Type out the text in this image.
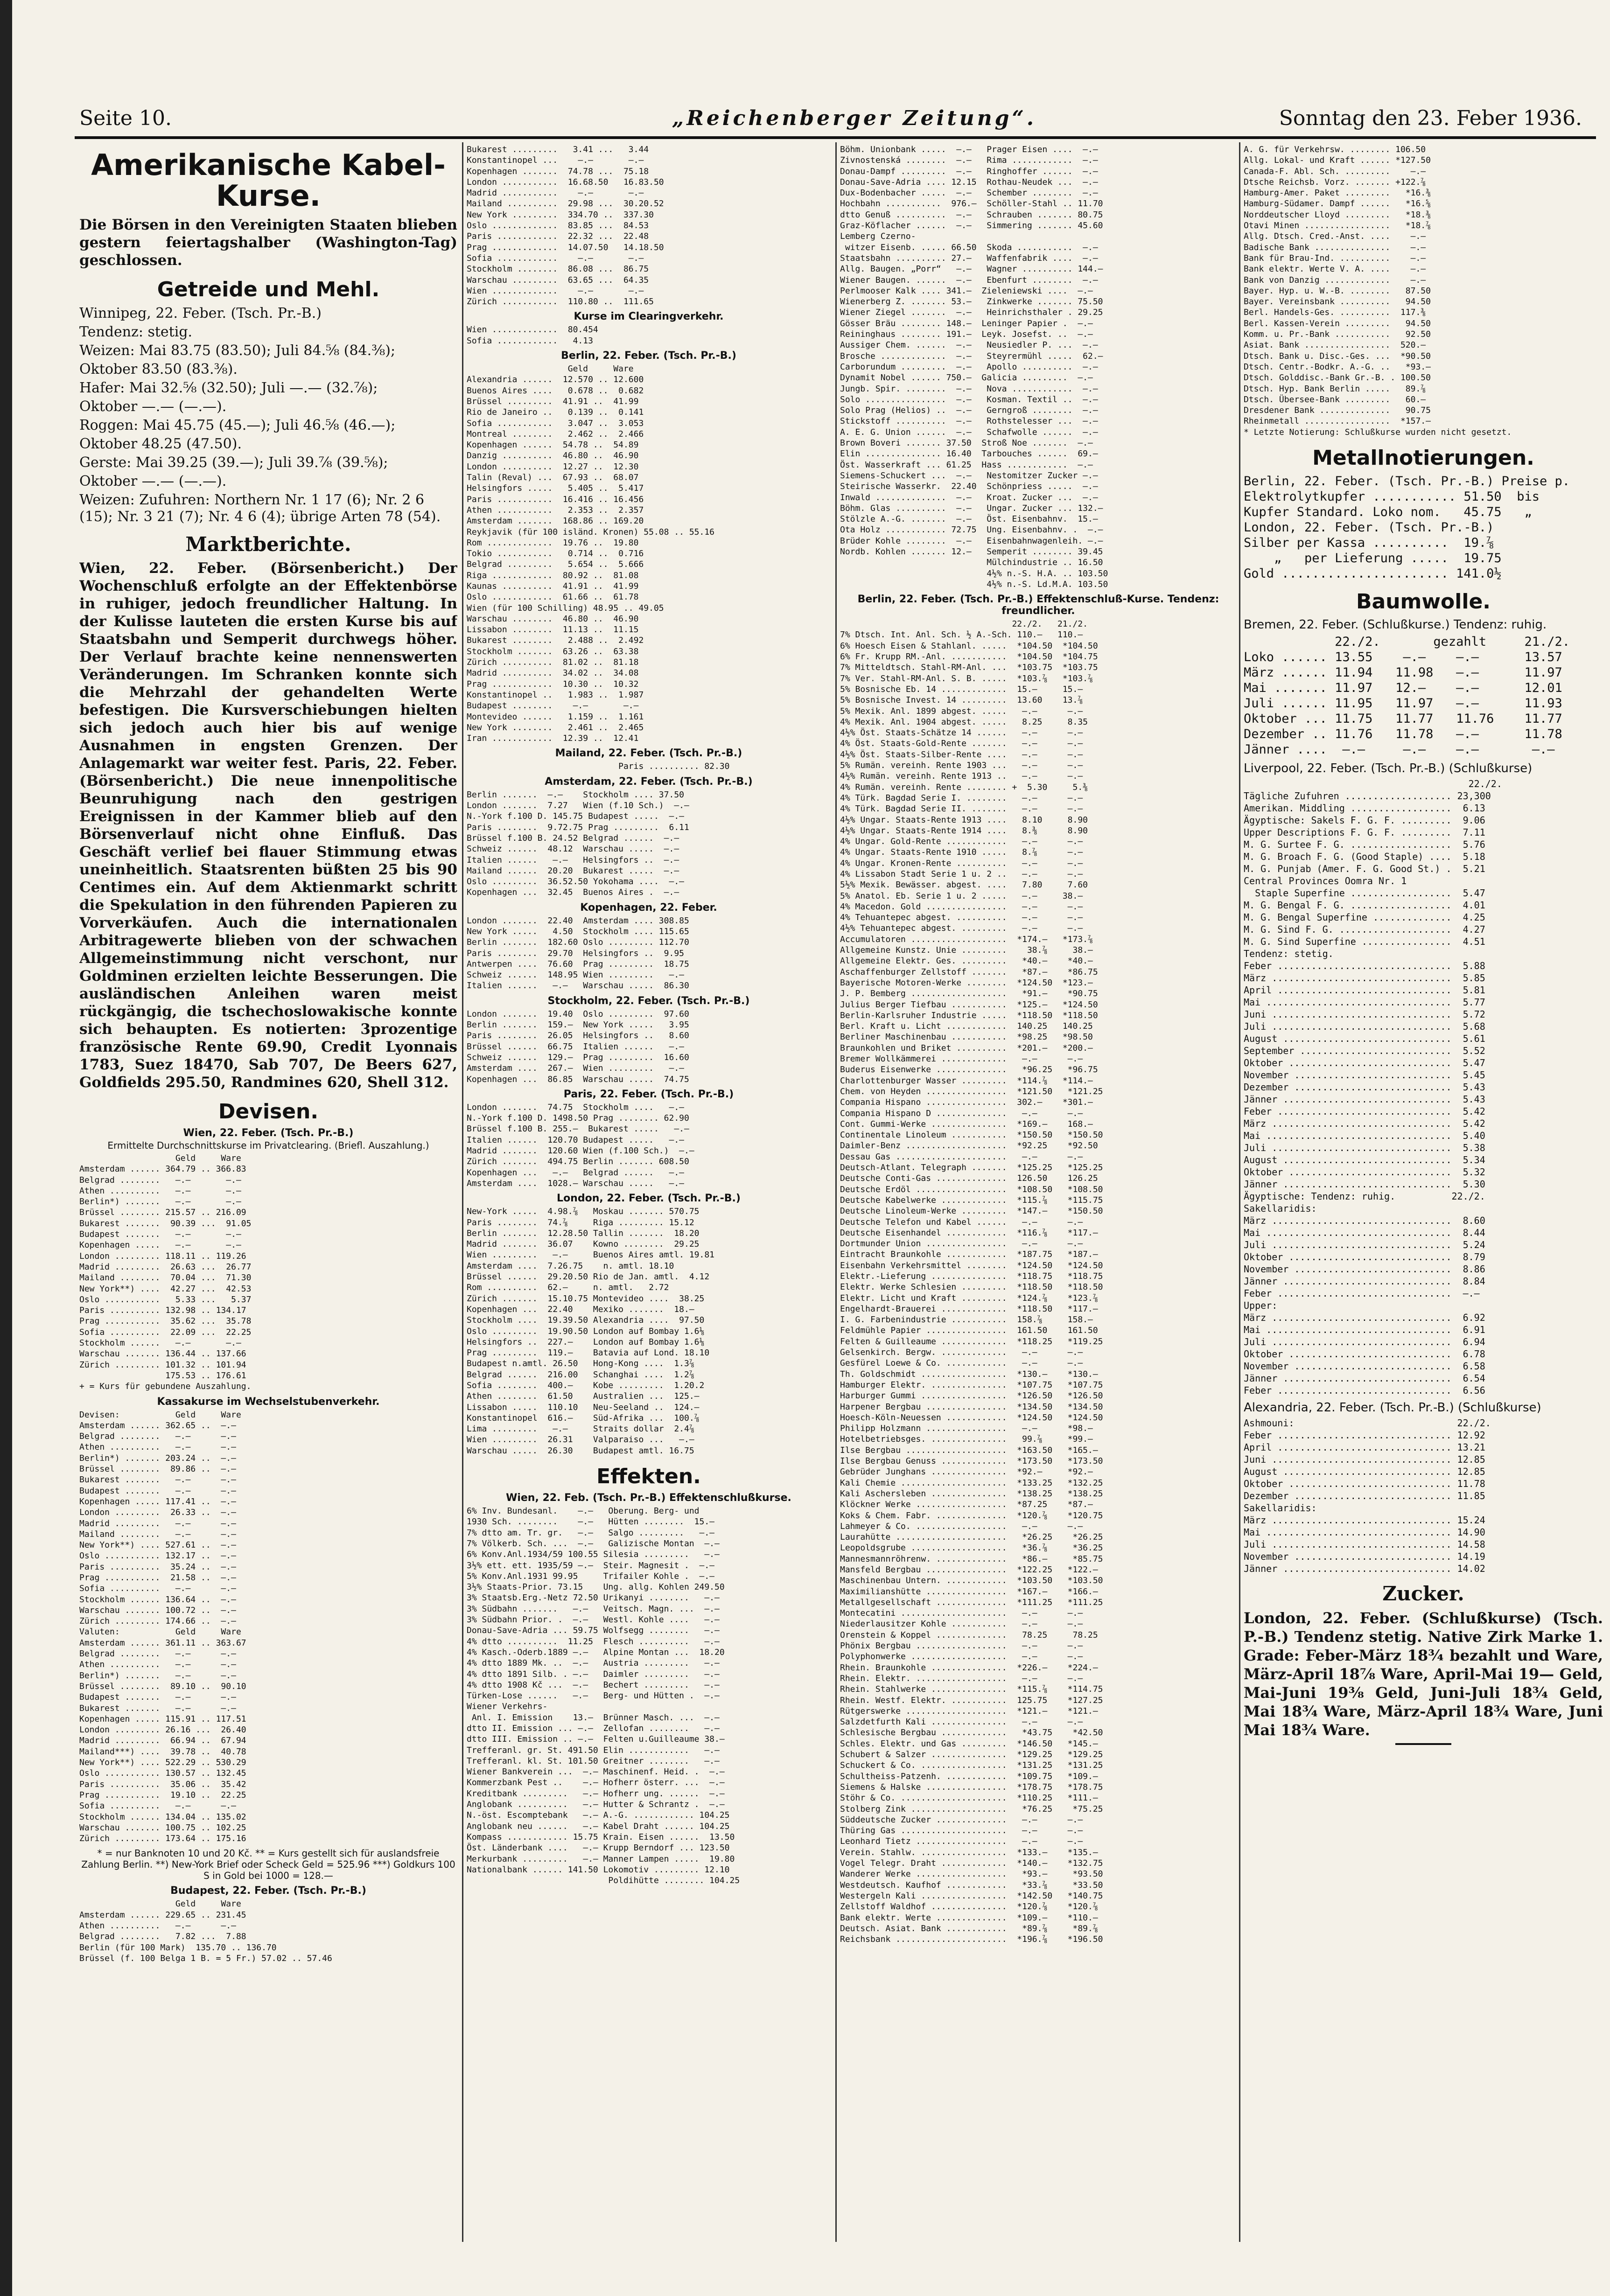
Seite 10.	„Reichenberger Zeitung“.	Sonntag den 23. Feber 1936.
Amerikanische Kabel-Kurse.
Die Börsen in den Vereinigten Staaten blieben gestern feiertagshalber (Washington-Tag) geschlossen.
Getreide und Mehl.
Winnipeg, 22. Feber. (Tsch. Pr.-B.)
Tendenz: stetig.
Weizen: Mai 83.75 (83.50); Juli 84.⅝ (84.⅜);
Oktober 83.50 (83.⅜).
Hafer: Mai 32.⅝ (32.50); Juli —.— (32.⅞);
Oktober —.— (—.—).
Roggen: Mai 45.75 (45.—); Juli 46.⅝ (46.—);
Oktober 48.25 (47.50).
Gerste: Mai 39.25 (39.—); Juli 39.⅞ (39.⅝);
Oktober —.— (—.—).
Weizen: Zufuhren: Northern Nr. 1 17 (6); Nr. 2 6 (15); Nr. 3 21 (7); Nr. 4 6 (4); übrige Arten 78 (54).
Marktberichte.
Wien, 22. Feber. (Börsenbericht.) Der Wochenschluß erfolgte an der Effektenbörse in ruhiger, jedoch freundlicher Haltung. In der Kulisse lauteten die ersten Kurse bis auf Staatsbahn und Semperit durchwegs höher. Der Verlauf brachte keine nennenswerten Veränderungen. Im Schranken konnte sich die Mehrzahl der gehandelten Werte befestigen. Die Kursverschiebungen hielten sich jedoch auch hier bis auf wenige Ausnahmen in engsten Grenzen. Der Anlagemarkt war weiter fest. Paris, 22. Feber. (Börsenbericht.) Die neue innenpolitische Beunruhigung nach den gestrigen Ereignissen in der Kammer blieb auf den Börsenverlauf nicht ohne Einfluß. Das Geschäft verlief bei flauer Stimmung etwas uneinheitlich. Staatsrenten büßten 25 bis 90 Centimes ein. Auf dem Aktienmarkt schritt die Spekulation in den führenden Papieren zu Vorverkäufen. Auch die internationalen Arbitragewerte blieben von der schwachen Allgemeinstimmung nicht verschont, nur Goldminen erzielten leichte Besserungen. Die ausländischen Anleihen waren meist rückgängig, die tschechoslowakische konnte sich behaupten. Es notierten: 3prozentige französische Rente 69.90, Credit Lyonnais 1783, Suez 18470, Sab 707, De Beers 627, Goldfields 295.50, Randmines 620, Shell 312.
Devisen.
Wien, 22. Feber. (Tsch. Pr.-B.)
Ermittelte Durchschnittskurse im Privatclearing. (Briefl. Auszahlung.)
Geld     Ware
Amsterdam ...... 364.79 .. 366.83
Belgrad ........   —.—       —.—
Athen ..........   —.—       —.—
Berlin*) .......   —.—       —.—
Brüssel ........ 215.57 .. 216.09
Bukarest .......  90.39 ...  91.05
Budapest .......   —.—       —.—
Kopenhagen .....   —.—       —.—
London ......... 118.11 .. 119.26
Madrid .........  26.63 ...  26.77
Mailand ........  70.04 ...  71.30
New York**) ....  42.27 ...  42.53
Oslo ...........   5.33 ...   5.37
Paris .......... 132.98 .. 134.17
Prag ...........  35.62 ...  35.78
Sofia ..........  22.09 ...  22.25
Stockholm ......   —.—       —.—
Warschau ....... 136.44 .. 137.66
Zürich ......... 101.32 .. 101.94
175.53 .. 176.61
+ = Kurs für gebundene Auszahlung.
Kassakurse im Wechselstubenverkehr.
Devisen:           Geld     Ware
Amsterdam ...... 362.65 ..  —.—
Belgrad ........   —.—      —.—
Athen ..........   —.—      —.—
Berlin*) ....... 203.24 ..  —.—
Brüssel ........  89.86 ..  —.—
Bukarest .......   —.—      —.—
Budapest .......   —.—      —.—
Kopenhagen ..... 117.41 ..  —.—
London .........  26.33 ..  —.—
Madrid .........   —.—      —.—
Mailand ........   —.—      —.—
New York**) .... 527.61 ..  —.—
Oslo ........... 132.17 ..  —.—
Paris ..........  35.24 ..  —.—
Prag ...........  21.58 ..  —.—
Sofia ..........   —.—      —.—
Stockholm ...... 136.64 ..  —.—
Warschau ....... 100.72 ..  —.—
Zürich ......... 174.66 ..  —.—
Valuten:           Geld     Ware
Amsterdam ...... 361.11 .. 363.67
Belgrad ........   —.—      —.—
Athen ..........   —.—      —.—
Berlin*) .......   —.—      —.—
Brüssel ........  89.10 ..  90.10
Budapest .......   —.—      —.—
Bukarest .......   —.—      —.—
Kopenhagen ..... 115.91 .. 117.51
London ......... 26.16 ...  26.40
Madrid .........  66.94 ..  67.94
Mailand***) ....  39.78 ..  40.78
New York**) .... 522.29 .. 530.29
Oslo ........... 130.57 .. 132.45
Paris ..........  35.06 ..  35.42
Prag ...........  19.10 ..  22.25
Sofia ..........   —.—      —.—
Stockholm ...... 134.04 .. 135.02
Warschau ....... 100.75 .. 102.25
Zürich ......... 173.64 .. 175.16
* = nur Banknoten 10 und 20 Kč. ** = Kurs gestellt sich für auslandsfreie Zahlung Berlin. **) New-York Brief oder Scheck Geld = 525.96 ***) Goldkurs 100 S in Gold bei 1000 = 128.—
Budapest, 22. Feber. (Tsch. Pr.-B.)
Geld     Ware
Amsterdam ...... 229.65 .. 231.45
Athen ..........   —.—      —.—
Belgrad ........   7.82 ...  7.88
Berlin (für 100 Mark)  135.70 .. 136.70
Brüssel (f. 100 Belga 1 B. = 5 Fr.) 57.02 .. 57.46
Bukarest .........   3.41 ...   3.44
Konstantinopel ...    —.—       —.—
Kopenhagen .......  74.78 ...  75.18
London ...........  16.68.50   16.83.50
Madrid ...........    —.—       —.—
Mailand ..........  29.98 ...  30.20.52
New York .........  334.70 ..  337.30
Oslo .............  83.85 ...  84.53
Paris ............  22.32 ...  22.48
Prag .............  14.07.50   14.18.50
Sofia ............    —.—       —.—
Stockholm ........  86.08 ...  86.75
Warschau .........  63.65 ...  64.35
Wien .............    —.—       —.—
Zürich ...........  110.80 ..  111.65
Kurse im Clearingverkehr.
Wien .............  80.454
Sofia ............   4.13
Berlin, 22. Feber. (Tsch. Pr.-B.)
Geld     Ware
Alexandria ......  12.570 .. 12.600
Buenos Aires ....   0.678 ..  0.682
Brüssel .........  41.91 ..  41.99
Rio de Janeiro ..   0.139 ..  0.141
Sofia ...........   3.047 ..  3.053
Montreal ........   2.462 ..  2.466
Kopenhagen ......  54.78 ..  54.89
Danzig ..........  46.80 ..  46.90
London ..........  12.27 ..  12.30
Talin (Reval) ...  67.93 ..  68.07
Helsingfors .....   5.405 ..  5.417
Paris ...........  16.416 .. 16.456
Athen ...........   2.353 ..  2.357
Amsterdam .......  168.86 .. 169.20
Reykjavik (für 100 isländ. Kronen) 55.08 .. 55.16
Rom .............  19.76 ..  19.80
Tokio ...........   0.714 ..  0.716
Belgrad .........   5.654 ..  5.666
Riga ............  80.92 ..  81.08
Kaunas ..........  41.91 ..  41.99
Oslo ............  61.66 ..  61.78
Wien (für 100 Schilling) 48.95 .. 49.05
Warschau ........  46.80 ..  46.90
Lissabon ........  11.13 ..  11.15
Bukarest ........   2.488 ..  2.492
Stockholm .......  63.26 ..  63.38
Zürich ..........  81.02 ..  81.18
Madrid ..........  34.02 ..  34.08
Prag ............  10.30 ..  10.32
Konstantinopel ..   1.983 ..  1.987
Budapest ........    —.—       —.—
Montevideo ......   1.159 ..  1.161
New York ........   2.461 ..  2.465
Iran ............  12.39 ..  12.41
Mailand, 22. Feber. (Tsch. Pr.-B.)
Paris .......... 82.30
Amsterdam, 22. Feber. (Tsch. Pr.-B.)
Berlin .......  —.—    Stockholm .... 37.50
London .......  7.27   Wien (f.10 Sch.)  —.—
N.-York f.100 D. 145.75 Budapest .....  —.—
Paris ........  9.72.75 Prag .........  6.11
Brüssel f.100 B. 24.52 Belgrad ......  —.—
Schweiz ......  48.12  Warschau .....  —.—
Italien ......   —.—   Helsingfors ..  —.—
Mailand ......  20.20  Bukarest .....  —.—
Oslo .........  36.52.50 Yokohama ....  —.—
Kopenhagen ...  32.45  Buenos Aires .  —.—
Kopenhagen, 22. Feber.
London .......  22.40  Amsterdam .... 308.85
New York .....   4.50  Stockholm .... 115.65
Berlin .......  182.60 Oslo ......... 112.70
Paris ........  29.70  Helsingfors ..  9.95
Antwerpen ....  76.60  Prag .........  18.75
Schweiz ......  148.95 Wien .........   —.—
Italien ......   —.—   Warschau .....  86.30
Stockholm, 22. Feber. (Tsch. Pr.-B.)
London .......  19.40  Oslo .........  97.60
Berlin .......  159.—  New York .....   3.95
Paris ........  26.05  Helsingfors ..   8.60
Brüssel ......  66.75  Italien ......   —.—
Schweiz ......  129.—  Prag .........  16.60
Amsterdam ....  267.—  Wien .........   —.—
Kopenhagen ...  86.85  Warschau .....  74.75
Paris, 22. Feber. (Tsch. Pr.-B.)
London .......  74.75  Stockholm ....   —.—
N.-York f.100 D. 1498.50 Prag ........ 62.90
Brüssel f.100 B. 255.—  Bukarest .....   —.—
Italien ......  120.70 Budapest .....   —.—
Madrid .......  120.60 Wien (f.100 Sch.)  —.—
Zürich .......  494.75 Berlin ....... 608.50
Kopenhagen ...   —.—   Belgrad ......   —.—
Amsterdam ....  1028.— Warschau .....   —.—
London, 22. Feber. (Tsch. Pr.-B.)
New-York .....  4.98.⅞   Moskau ....... 570.75
Paris ........  74.⅞     Riga ......... 15.12
Berlin .......  12.28.50 Tallin .......  18.20
Madrid .......  36.07    Kowno ........  29.25
Wien .........   —.—     Buenos Aires amtl. 19.81
Amsterdam ....  7.26.75    n. amtl. 18.10
Brüssel ......  29.20.50 Rio de Jan. amtl.  4.12
Rom ..........  62.—     n. amtl.   2.72
Zürich .......  15.10.75 Montevideo ....  38.25
Kopenhagen ...  22.40    Mexiko .......  18.—
Stockholm ....  19.39.50 Alexandria ....  97.50
Oslo .........  19.90.50 London auf Bombay 1.6⅛
Helsingfors ..  227.—    London auf Bombay 1.6⅛
Prag .........  119.—    Batavia auf Lond. 18.10
Budapest n.amtl. 26.50   Hong-Kong ....  1.3⅞
Belgrad ......  216.00   Schanghai ....  1.2⅞
Sofia ........  400.—    Kobe .........  1.20.2
Athen ........  61.50    Australien ...  125.—
Lissabon .....  110.10   Neu-Seeland ..  124.—
Konstantinopel  616.—    Süd-Afrika ...  100.⅞
Lima .........   —.—     Straits dollar  2.4⅞
Wien .........  26.31    Valparaiso ...   —.—
Warschau .....  26.30    Budapest amtl. 16.75
Effekten.
Wien, 22. Feb. (Tsch. Pr.-B.) Effektenschlußkurse.
6% Inv. Bundesanl.    —.—   Oberung. Berg- und
1930 Sch. ........    —.—   Hütten ........  15.—
7% dtto am. Tr. gr.   —.—   Salgo .........   —.—
7% Völkerb. Sch. ...  —.—   Galizische Montan  —.—
6% Konv.Anl.1934/59 100.55 Silesia .........   —.—
3½% ett. ett. 1935/59 —.—  Steir. Magnesit .  —.—
5% Konv.Anl.1931 99.95     Trifailer Kohle .  —.—
3½% Staats-Prior. 73.15    Ung. allg. Kohlen 249.50
3% Staatsb.Erg.-Netz 72.50 Urikanyi ........   —.—
3% Südbahn .......   —.—   Veitsch. Magn. ...  —.—
3% Südbahn Prior. .  —.—   Westl. Kohle ....   —.—
Donau-Save-Adria ... 59.75 Wolfsegg ........   —.—
4% dtto ..........  11.25  Flesch ..........   —.—
4% Kasch.-Oderb.1889 —.—   Alpine Montan ...  18.20
4% dtto 1889 Mk. ..  —.—   Austria .........   —.—
4% dtto 1891 Silb. . —.—   Daimler .........   —.—
4% dtto 1908 Kč ...  —.—   Bechert .........   —.—
Türken-Lose ......   —.—   Berg- und Hütten .  —.—
Wiener Verkehrs-
Anl. I. Emission    13.—  Brünner Masch. ...  —.—
dtto II. Emission ... —.—  Zellofan ........   —.—
dtto III. Emission .. —.—  Felten u.Guilleaume 38.—
Trefferanl. gr. St. 491.50 Elin ............   —.—
Trefferanl. kl. St. 101.50 Greitner ........   —.—
Wiener Bankverein ...  —.— Maschinenf. Heid. .  —.—
Kommerzbank Pest ..    —.— Hofherr österr. ...  —.—
Kreditbank .........   —.— Hofherr ung. ......  —.—
Anglobank ..........   —.— Hutter & Schrantz .  —.—
N.-öst. Escomptebank   —.— A.-G. ............ 104.25
Anglobank neu ......   —.— Kabel Draht ...... 104.25
Kompass ............ 15.75 Krain. Eisen ......  13.50
Öst. Länderbank ....   —.— Krupp Berndorf ... 123.50
Merkurbank .........   —.— Manner Lampen .....  19.80
Nationalbank ...... 141.50 Lokomotiv ......... 12.10
Poldihütte ........ 104.25
Böhm. Unionbank .....  —.—   Prager Eisen ....  —.—
Zivnostenská ........  —.—   Rima ............  —.—
Donau-Dampf .........  —.—   Ringhoffer ......  —.—
Donau-Save-Adria .... 12.15  Rothau-Neudek ...  —.—
Dux-Bodenbacher .....  —.—   Schember ........  —.—
Hochbahn ...........  976.—  Schöller-Stahl .. 11.70
dtto Genuß ..........  —.—   Schrauben ....... 80.75
Graz-Köflacher ......  —.—   Simmering ....... 45.60
Lemberg Czerno-
witzer Eisenb. ..... 66.50  Skoda ...........  —.—
Staatsbahn .......... 27.—   Waffenfabrik ....  —.—
Allg. Baugen. „Porr“   —.—   Wagner .......... 144.—
Wiener Baugen. ......  —.—   Ebenfurt ........  —.—
Perlmooser Kalk .... 341.—  Zieleniewski ....  —.—
Wienerberg Z. ....... 53.—   Zinkwerke ....... 75.50
Wiener Ziegel .......  —.—   Heinrichsthaler . 29.25
Gösser Bräu ........ 148.—  Leninger Papier .  —.—
Reininghaus ........ 191.—  Leyk. Josefst. ..  —.—
Aussiger Chem. ......  —.—   Neusiedler P. ...  —.—
Brosche .............  —.—   Steyrermühl .....  62.—
Carborundum .........  —.—   Apollo ..........  —.—
Dynamit Nobel ...... 750.—  Galicia .........  —.—
Jungb. Spir. ........  —.—   Nova ............  —.—
Solo ................  —.—   Kosman. Textil ..  —.—
Solo Prag (Helios) ..  —.—   Gerngroß ........  —.—
Stickstoff ..........  —.—   Rothstelesser ...  —.—
A. E. G. Union ......  —.—   Schafwolle ......  —.—
Brown Boveri ....... 37.50  Stroß Noe .......  —.—
Elin ............... 16.40  Tarbouches ......  69.—
Öst. Wasserkraft ... 61.25  Hass ............  —.—
Siemens-Schuckert ...  —.—   Nestomitzer Zucker —.—
Steirische Wasserkr.  22.40  Schönpriess .....  —.—
Inwald ..............  —.—   Kroat. Zucker ...  —.—
Böhm. Glas ..........  —.—   Ungar. Zucker ... 132.—
Stölzle A.-G. .......  —.—   Öst. Eisenbahnv.  15.—
Ota Holz ............ 72.75  Ung. Eisenbahnv. .  —.—
Brüder Kohle ........  —.—   Eisenbahnwagenleih. —.—
Nordb. Kohlen ....... 12.—   Semperit ........ 39.45
Mülchindustrie .. 16.50
4½% n.-S. H.A. .. 103.50
4½% n.-S. Ld.M.A. 103.50
Berlin, 22. Feber. (Tsch. Pr.-B.) Effektenschluß-Kurse. Tendenz: freundlicher.
22./2.   21./2.
7% Dtsch. Int. Anl. Sch. ½ A.-Sch. 110.—   110.—
6% Hoesch Eisen & Stahlanl. .....  *104.50  *104.50
6% Fr. Krupp RM.-Anl. ...........  *104.50  *104.75
7% Mitteldtsch. Stahl-RM-Anl. ...  *103.75  *103.75
7% Ver. Stahl-RM-Anl. S. B. .....  *103.⅞   *103.⅞
5% Bosnische Eb. 14 .............  15.—     15.—
5% Bosnische Invest. 14 .........  13.60    13.⅞
5% Mexik. Anl. 1899 abgest. .....   —.—      —.—
4% Mexik. Anl. 1904 abgest. .....   8.25     8.35
4½% Öst. Staats-Schätze 14 ......   —.—      —.—
4% Öst. Staats-Gold-Rente .......   —.—      —.—
4½% Öst. Staats-Silber-Rente ....   —.—      —.—
5% Rumän. vereinh. Rente 1903 ...   —.—      —.—
4½% Rumän. vereinh. Rente 1913 ..   —.—      —.—
4% Rumän. vereinh. Rente ........ +  5.30     5.⅜
4% Türk. Bagdad Serie I. ........   —.—      —.—
4% Türk. Bagdad Serie II. .......   —.—      —.—
4½% Ungar. Staats-Rente 1913 ....   8.10     8.90
4½% Ungar. Staats-Rente 1914 ....   8.⅜      8.90
4% Ungar. Gold-Rente ............   —.—      —.—
4% Ungar. Staats-Rente 1910 .....   8.⅞      —.—
4% Ungar. Kronen-Rente ..........   —.—      —.—
4% Lissabon Stadt Serie 1 u. 2 ..   —.—      —.—
5½% Mexik. Bewässer. abgest. ....   7.80     7.60
5% Anatol. Eb. Serie 1 u. 2 .....   —.—     38.—
4% Macedon. Gold ................   —.—      —.—
4% Tehuantepec abgest. ..........   —.—      —.—
4½% Tehuantepec abgest. .........   —.—      —.—
Accumulatoren ...................  *174.—   *173.⅞
Allgemeine Kunstz. Unie .........    38.⅞     38.—
Allgemeine Elektr. Ges. .........   *40.—    *40.—
Aschaffenburger Zellstoff .......   *87.—    *86.75
Bayerische Motoren-Werke ........  *124.50  *123.—
J. P. Bemberg ...................   *91.—    *90.75
Julius Berger Tiefbau ...........  *125.—   *124.50
Berlin-Karlsruher Industrie .....  *118.50  *118.50
Berl. Kraft u. Licht ............  140.25   140.25
Berliner Maschinenbau ...........  *98.25   *98.50
Braunkohlen und Briket ..........  *201.—   *200.—
Bremer Wollkämmerei .............   —.—      —.—
Buderus Eisenwerke ..............   *96.25   *96.75
Charlottenburger Wasser .........  *114.⅞   *114.—
Chem. von Heyden ................  *121.50   *121.25
Compania Hispano ................  302.—    *301.—
Compania Hispano D ..............   —.—      —.—
Cont. Gummi-Werke ...............  *169.—    168.—
Continentale Linoleum ...........  *150.50   *150.50
Daimler-Benz ....................  *92.25    *92.50
Dessau Gas ......................   —.—      —.—
Deutsch-Atlant. Telegraph .......  *125.25   *125.25
Deutsche Conti-Gas ..............  126.50    126.25
Deutsche Erdöl ..................  *108.50   *108.50
Deutsche Kabelwerke .............  *115.⅞    *115.75
Deutsche Linoleum-Werke .........  *147.—    *150.50
Deutsche Telefon und Kabel ......   —.—      —.—
Deutsche Eisenhandel ............  *116.⅞    *117.—
Dortmunder Union ................   —.—      —.—
Eintracht Braunkohle ............  *187.75   *187.—
Eisenbahn Verkehrsmittel ........  *124.50   *124.50
Elektr.-Lieferung ...............  *118.75   *118.75
Elektr. Werke Schlesien .........  *118.50   *118.50
Elektr. Licht und Kraft .........  *124.⅞    *123.⅞
Engelhardt-Brauerei .............  *118.50   *117.—
I. G. Farbenindustrie ...........  158.⅞     158.—
Feldmühle Papier ................  161.50    161.50
Felten & Guilleaume .............  *118.25   *119.25
Gelsenkirch. Bergw. .............   —.—      —.—
Gesfürel Loewe & Co. ............   —.—      —.—
Th. Goldschmidt .................  *130.—    *130.—
Hamburger Elektr. ...............  *107.75   *107.75
Harburger Gummi .................  *126.50   *126.50
Harpener Bergbau ................  *134.50   *134.50
Hoesch-Köln-Neuessen ............  *124.50   *124.50
Philipp Holzmann ................   —.—      *98.—
Hotelbetriebsges. ...............   99.⅞     *99.—
Ilse Bergbau ....................  *163.50   *165.—
Ilse Bergbau Genuss .............  *173.50   *173.50
Gebrüder Junghans ...............  *92.—     *92.—
Kali Chemie .....................  *133.25   *132.25
Kali Aschersleben ...............  *138.25   *138.25
Klöckner Werke ..................  *87.25    *87.—
Koks & Chem. Fabr. ..............  *120.⅞    *120.75
Lahmeyer & Co. ..................   —.—      —.—
Laurahütte ......................   *26.25    *26.25
Leopoldsgrube ...................   *36.⅞     *36.25
Mannesmannröhrenw. ..............   *86.—     *85.75
Mansfeld Bergbau ................  *122.25   *122.—
Maschinenbau Untern. ............  *103.50   *103.50
Maximilianshütte ................  *167.—    *166.—
Metallgesellschaft ..............  *111.25   *111.25
Montecatini .....................   —.—      —.—
Niederlausitzer Kohle ...........   —.—      —.—
Orenstein & Koppel ..............   78.25     78.25
Phönix Bergbau ..................   —.—      —.—
Polyphonwerke ...................   —.—      —.—
Rhein. Braunkohle ...............  *226.—    *224.—
Rhein. Elektr. ..................   —.—      —.—
Rhein. Stahlwerke ...............  *115.⅞    *114.75
Rhein. Westf. Elektr. ...........  125.75    *127.25
Rütgerswerke ....................  *121.—    *121.—
Salzdetfurth Kali ...............   —.—      —.—
Schlesische Bergbau .............   *43.75    *42.50
Schles. Elektr. und Gas .........  *146.50   *145.—
Schubert & Salzer ...............  *129.25   *129.25
Schuckert & Co. .................  *131.25   *131.25
Schultheiss-Patzenh. ............  *109.75   *109.—
Siemens & Halske ................  *178.75   *178.75
Stöhr & Co. .....................  *110.25   *111.—
Stolberg Zink ...................   *76.25    *75.25
Süddeutsche Zucker ..............   —.—      —.—
Thüring Gas .....................   —.—      —.—
Leonhard Tietz ..................   —.—      —.—
Verein. Stahlw. .................  *133.—    *135.—
Vogel Telegr. Draht .............  *140.—    *132.75
Wanderer Werke ..................   *93.—     *93.50
Westdeutsch. Kaufhof ............   *33.⅞     *33.50
Westergeln Kali .................  *142.50   *140.75
Zellstoff Waldhof ...............  *120.⅞    *120.⅞
Bank elektr. Werte ..............  *109.—    *110.—
Deutsch. Asiat. Bank ............   *89.⅞     *89.⅞
Reichsbank ......................  *196.⅞    *196.50
A. G. für Verkehrsw. ........ 106.50
Allg. Lokal- und Kraft ...... *127.50
Canada-F. Abl. Sch. .........    —.—
Dtsche Reichsb. Vorz. ....... +122.⅞
Hamburg-Amer. Paket .........   *16.⅜
Hamburg-Südamer. Dampf ......   *16.⅝
Norddeutscher Lloyd .........   *18.⅜
Otavi Minen .................   *18.⅞
Allg. Dtsch. Cred.-Anst. ....    —.—
Badische Bank ...............    —.—
Bank für Brau-Ind. ..........    —.—
Bank elektr. Werte V. A. ....    —.—
Bank von Danzig .............    —.—
Bayer. Hyp. u. W.-B. ........   87.50
Bayer. Vereinsbank ..........   94.50
Berl. Handels-Ges. ..........  117.⅜
Berl. Kassen-Verein .........   94.50
Komm. u. Pr.-Bank ...........   92.50
Asiat. Bank .................  520.—
Dtsch. Bank u. Disc.-Ges. ...  *90.50
Dtsch. Centr.-Bodkr. A.-G. ..   *93.—
Dtsch. Golddisc.-Bank Gr.-B. . 100.50
Dtsch. Hyp. Bank Berlin .....   89.⅞
Dtsch. Übersee-Bank .........   60.—
Dresdener Bank ..............   90.75
Rheinmetall .................  *157.—
* Letzte Notierung: Schlußkurse wurden nicht gesetzt.
Metallnotierungen.
Berlin, 22. Feber. (Tsch. Pr.-B.) Preise p.
Elektrolytkupfer ........... 51.50  bis
Kupfer Standard. Loko nom.   45.75   „
London, 22. Feber. (Tsch. Pr.-B.)
Silber per Kassa ..........  19.⅞
„   per Lieferung .....  19.75
Gold ...................... 141.0½
Baumwolle.
Bremen, 22. Feber. (Schlußkurse.) Tendenz: ruhig.
22./2.       gezahlt     21./2.
Loko ...... 13.55    —.—    —.—      13.57
März ...... 11.94   11.98   —.—      11.97
Mai ....... 11.97   12.—    —.—      12.01
Juli ...... 11.95   11.97   —.—      11.93
Oktober ... 11.75   11.77   11.76    11.77
Dezember .. 11.76   11.78   —.—      11.78
Jänner ....  —.—     —.—    —.—       —.—
Liverpool, 22. Feber. (Tsch. Pr.-B.) (Schlußkurse)
22./2.
Tägliche Zufuhren ................... 23,300
Amerikan. Middling ..................  6.13
Ägyptische: Sakels F. G. F. .........  9.06
Upper Descriptions F. G. F. .........  7.11
M. G. Surtee F. G. ..................  5.76
M. G. Broach F. G. (Good Staple) ....  5.18
M. G. Punjab (Amer. F. G. Good St.) .  5.21
Central Provinces Oomra Nr. 1
Staple Superfine ..................  5.47
M. G. Bengal F. G. ..................  4.01
M. G. Bengal Superfine ..............  4.25
M. G. Sind F. G. ....................  4.27
M. G. Sind Superfine ................  4.51
Tendenz: stetig.
Feber ...............................  5.88
März ................................  5.85
April ...............................  5.81
Mai .................................  5.77
Juni ................................  5.72
Juli ................................  5.68
August ..............................  5.61
September ...........................  5.52
Oktober .............................  5.47
November ............................  5.45
Dezember ............................  5.43
Jänner ..............................  5.43
Feber ...............................  5.42
März ................................  5.42
Mai .................................  5.40
Juli ................................  5.38
August ..............................  5.34
Oktober .............................  5.32
Jänner ..............................  5.30
Ägyptische: Tendenz: ruhig.          22./2.
Sakellaridis:
März ................................  8.60
Mai .................................  8.44
Juli ................................  5.24
Oktober .............................  8.79
November ............................  8.86
Jänner ..............................  8.84
Feber ...............................  —.—
Upper:
März ................................  6.92
Mai .................................  6.91
Juli ................................  6.94
Oktober .............................  6.78
November ............................  6.58
Jänner ..............................  6.54
Feber ...............................  6.56
Alexandria, 22. Feber. (Tsch. Pr.-B.) (Schlußkurse)
Ashmouni:                             22./2.
Feber ............................... 12.92
April ............................... 13.21
Juni ................................ 12.85
August .............................. 12.85
Oktober ............................. 11.78
Dezember ............................ 11.85
Sakellaridis:
März ................................ 15.24
Mai ................................. 14.90
Juli ................................ 14.58
November ............................ 14.19
Jänner .............................. 14.02
Zucker.
London, 22. Feber. (Schlußkurse) (Tsch. P.-B.) Tendenz stetig. Native Zirk Marke 1. Grade: Feber-März 18¾ bezahlt und Ware, März-April 18⅞ Ware, April-Mai 19— Geld, Mai-Juni 19⅜ Geld, Juni-Juli 18¾ Geld, Mai 18¾ Ware, März-April 18¾ Ware, Juni Mai 18¾ Ware.
